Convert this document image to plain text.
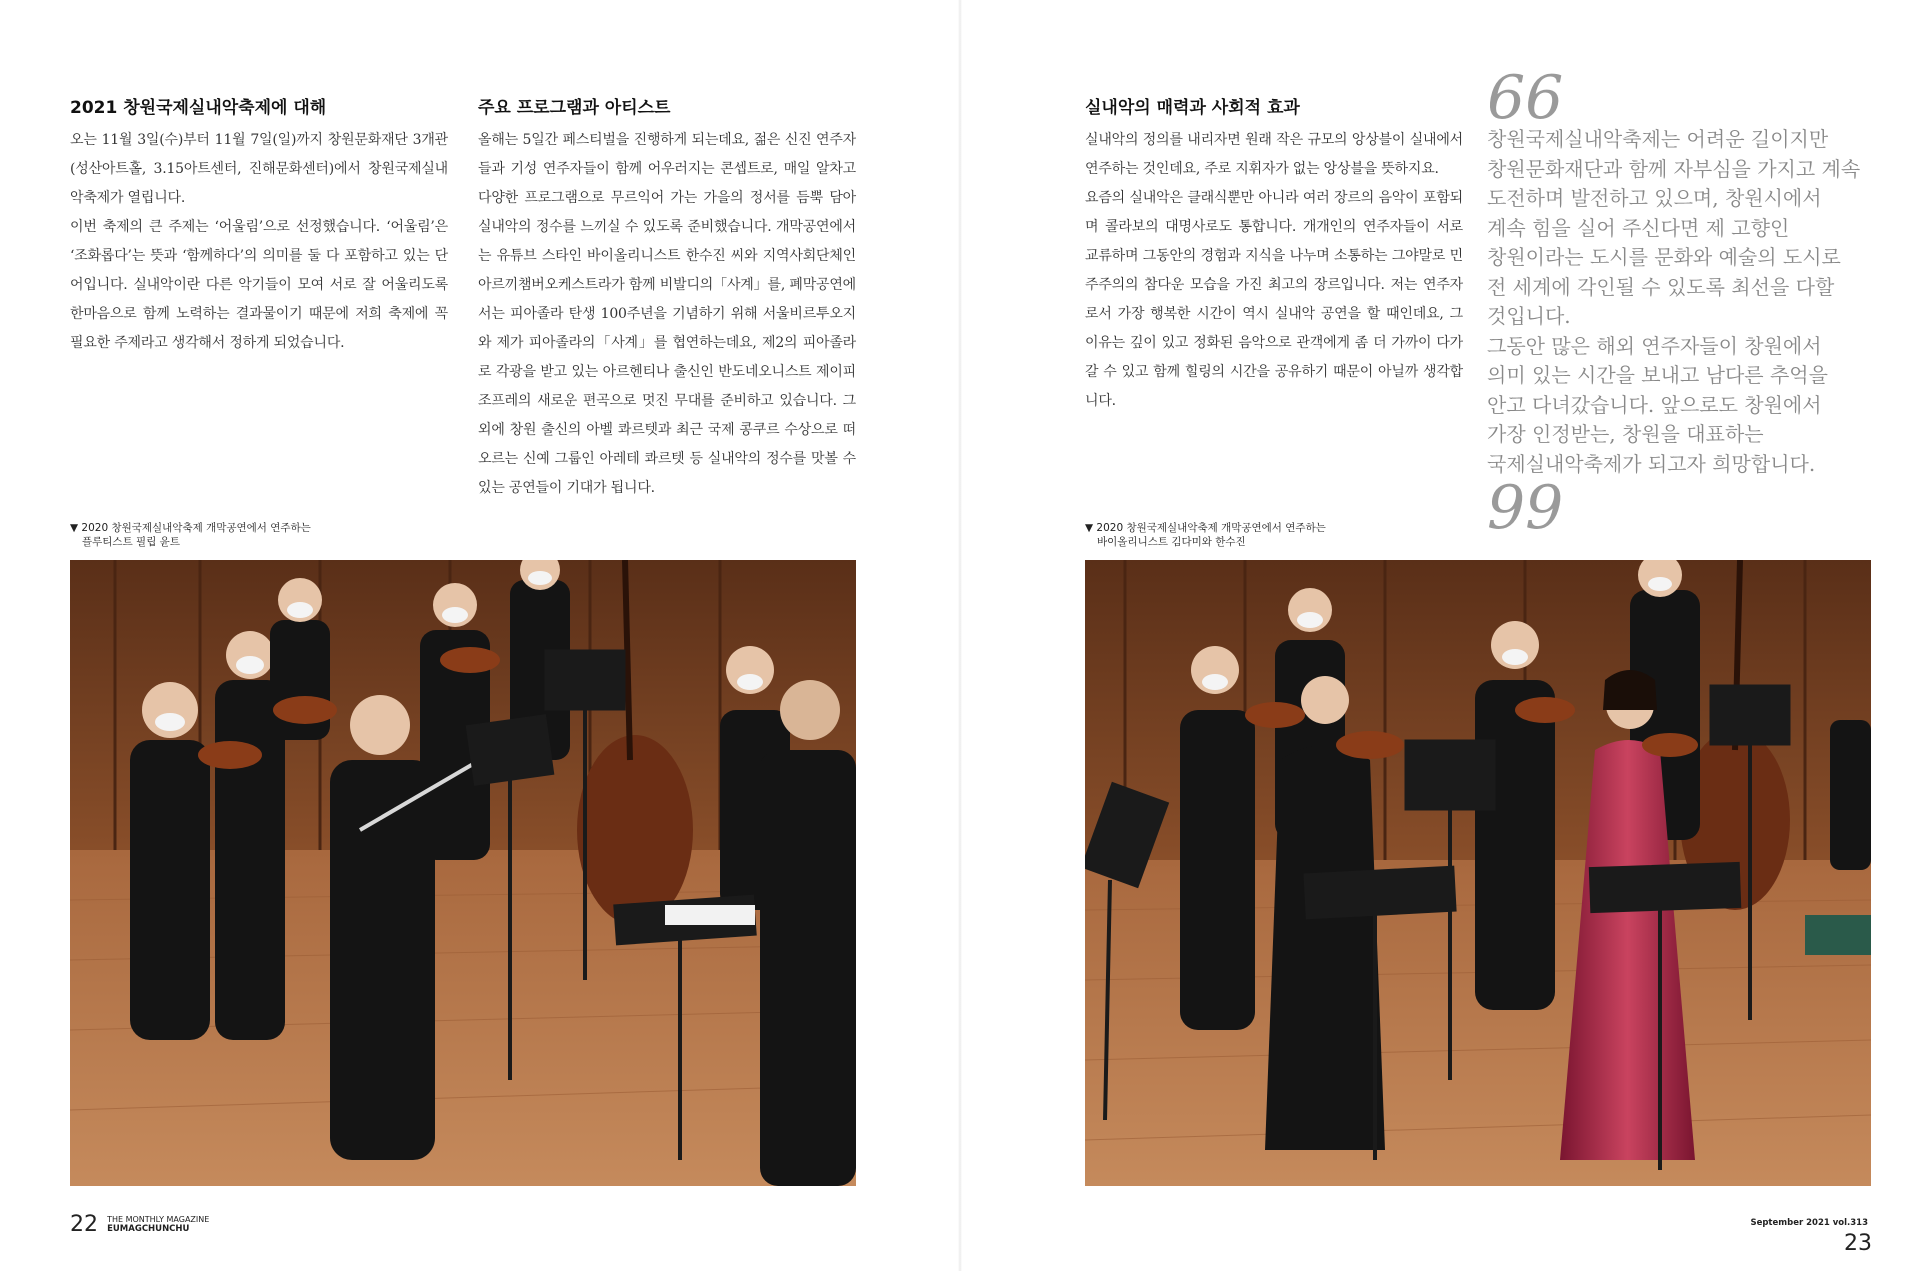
2021 창원국제실내악축제에 대해

오는 11월 3일(수)부터 11월 7일(일)까지 창원문화재단 3개관(성산아트홀, 3.15아트센터, 진해문화센터)에서 창원국제실내악축제가 열립니다.

이번 축제의 큰 주제는 ‘어울림’으로 선정했습니다. ‘어울림’은 ‘조화롭다’는 뜻과 ‘함께하다’의 의미를 둘 다 포함하고 있는 단어입니다. 실내악이란 다른 악기들이 모여 서로 잘 어울리도록 한마음으로 함께 노력하는 결과물이기 때문에 저희 축제에 꼭 필요한 주제라고 생각해서 정하게 되었습니다.

주요 프로그램과 아티스트

올해는 5일간 페스티벌을 진행하게 되는데요, 젊은 신진 연주자들과 기성 연주자들이 함께 어우러지는 콘셉트로, 매일 알차고 다양한 프로그램으로 무르익어 가는 가을의 정서를 듬뿍 담아 실내악의 정수를 느끼실 수 있도록 준비했습니다. 개막공연에서는 유튜브 스타인 바이올리니스트 한수진 씨와 지역사회단체인 아르끼챔버오케스트라가 함께 비발디의「사계」를, 폐막공연에서는 피아졸라 탄생 100주년을 기념하기 위해 서울비르투오지와 제가 피아졸라의「사계」를 협연하는데요, 제2의 피아졸라로 각광을 받고 있는 아르헨티나 출신인 반도네오니스트 제이피 조프레의 새로운 편곡으로 멋진 무대를 준비하고 있습니다. 그 외에 창원 출신의 아벨 콰르텟과 최근 국제 콩쿠르 수상으로 떠오르는 신예 그룹인 아레테 콰르텟 등 실내악의 정수를 맛볼 수 있는 공연들이 기대가 됩니다.

▼ 2020 창원국제실내악축제 개막공연에서 연주하는
플루티스트 필립 윤트
22 THE MONTHLY MAGAZINE
EUMAGCHUNCHU
실내악의 매력과 사회적 효과

실내악의 정의를 내리자면 원래 작은 규모의 앙상블이 실내에서 연주하는 것인데요, 주로 지휘자가 없는 앙상블을 뜻하지요.

요즘의 실내악은 클래식뿐만 아니라 여러 장르의 음악이 포함되며 콜라보의 대명사로도 통합니다. 개개인의 연주자들이 서로 교류하며 그동안의 경험과 지식을 나누며 소통하는 그야말로 민주주의의 참다운 모습을 가진 최고의 장르입니다. 저는 연주자로서 가장 행복한 시간이 역시 실내악 공연을 할 때인데요, 그 이유는 깊이 있고 정화된 음악으로 관객에게 좀 더 가까이 다가갈 수 있고 함께 힐링의 시간을 공유하기 때문이 아닐까 생각합니다.

66
창원국제실내악축제는 어려운 길이지만
창원문화재단과 함께 자부심을 가지고 계속
도전하며 발전하고 있으며, 창원시에서
계속 힘을 실어 주신다면 제 고향인
창원이라는 도시를 문화와 예술의 도시로
전 세계에 각인될 수 있도록 최선을 다할
것입니다.
그동안 많은 해외 연주자들이 창원에서
의미 있는 시간을 보내고 남다른 추억을
안고 다녀갔습니다. 앞으로도 창원에서
가장 인정받는, 창원을 대표하는
국제실내악축제가 되고자 희망합니다.
99
▼ 2020 창원국제실내악축제 개막공연에서 연주하는
바이올리니스트 김다미와 한수진
September 2021 vol.313 23
